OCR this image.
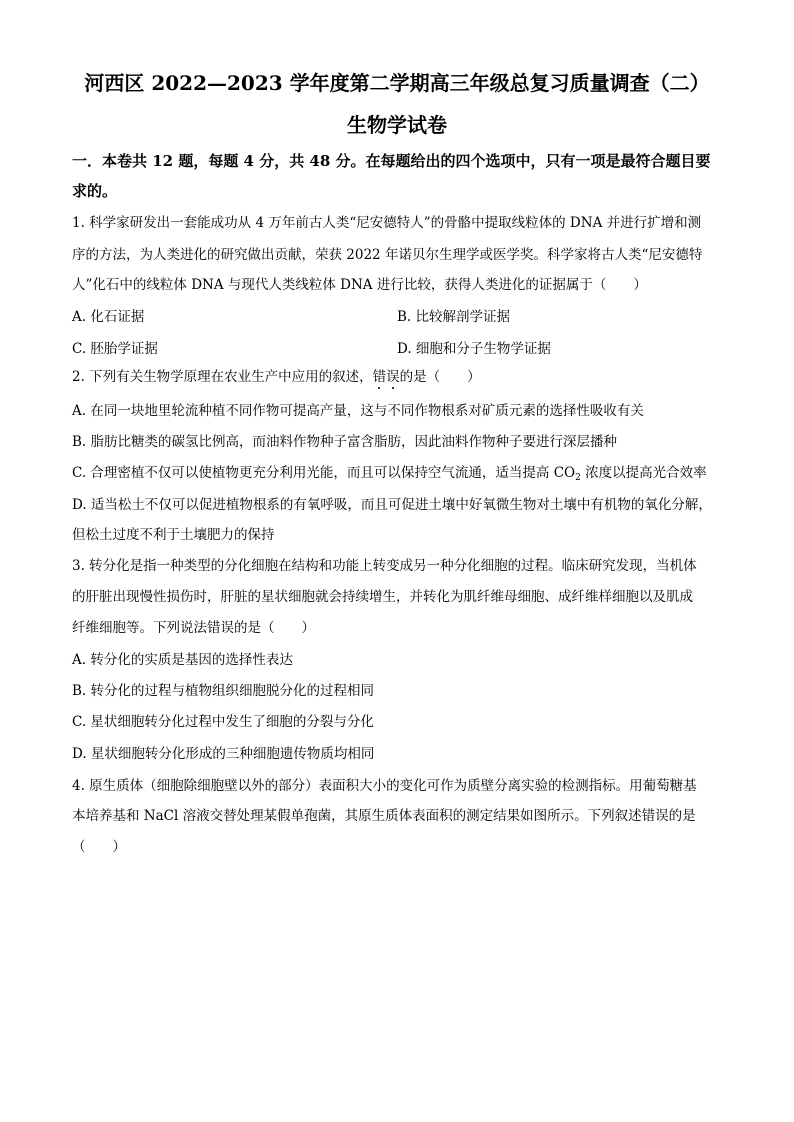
河西区 2022—2023 学年度第二学期高三年级总复习质量调查（二）
生物学试卷
一．本卷共 12 题，每题 4 分，共 48 分。在每题给出的四个选项中，只有一项是最符合题目要
求的。
1. 科学家研发出一套能成功从 4 万年前古人类“尼安德特人”的骨骼中提取线粒体的 DNA 并进行扩增和测
序的方法，为人类进化的研究做出贡献，荣获 2022 年诺贝尔生理学或医学奖。科学家将古人类“尼安德特
人”化石中的线粒体 DNA 与现代人类线粒体 DNA 进行比较，获得人类进化的证据属于（　　）
A. 化石证据	B. 比较解剖学证据
C. 胚胎学证据	D. 细胞和分子生物学证据
2. 下列有关生物学原理在农业生产中应用的叙述，错误的是（　　）
A. 在同一块地里轮流种植不同作物可提高产量，这与不同作物根系对矿质元素的选择性吸收有关
B. 脂肪比糖类的碳氢比例高，而油料作物种子富含脂肪，因此油料作物种子要进行深层播种
C. 合理密植不仅可以使植物更充分利用光能，而且可以保持空气流通，适当提高 $CO_2$ 浓度以提高光合效率
D. 适当松土不仅可以促进植物根系的有氧呼吸，而且可促进土壤中好氧微生物对土壤中有机物的氧化分解，
但松土过度不利于土壤肥力的保持
3. 转分化是指一种类型的分化细胞在结构和功能上转变成另一种分化细胞的过程。临床研究发现，当机体
的肝脏出现慢性损伤时，肝脏的星状细胞就会持续增生，并转化为肌纤维母细胞、成纤维样细胞以及肌成
纤维细胞等。下列说法错误的是（　　）
A. 转分化的实质是基因的选择性表达
B. 转分化的过程与植物组织细胞脱分化的过程相同
C. 星状细胞转分化过程中发生了细胞的分裂与分化
D. 星状细胞转分化形成的三种细胞遗传物质均相同
4. 原生质体（细胞除细胞壁以外的部分）表面积大小的变化可作为质壁分离实验的检测指标。用葡萄糖基
本培养基和 NaCl 溶液交替处理某假单孢菌，其原生质体表面积的测定结果如图所示。下列叙述错误的是
（　　）
